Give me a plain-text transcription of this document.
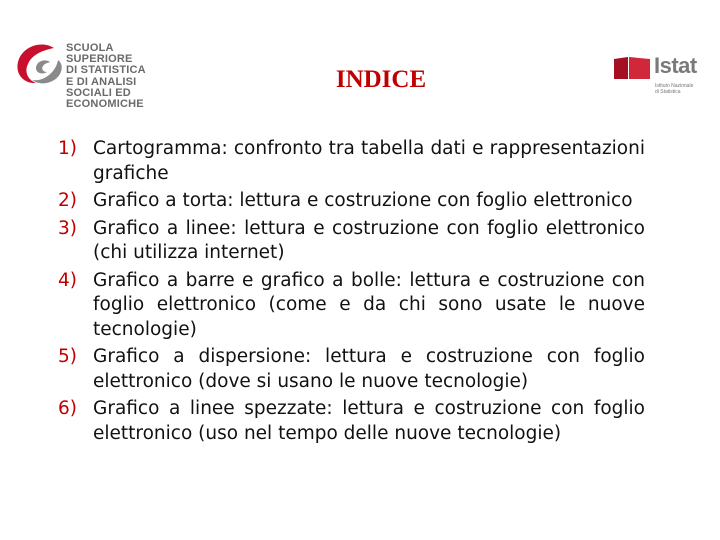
SCUOLA
SUPERIORE
DI STATISTICA
E DI ANALISI
SOCIALI ED
ECONOMICHE
Istat
Istituto Nazionale
di Statistica
INDICE
1) Cartogramma: confronto tra tabella dati e rappresentazioni grafiche
2) Grafico a torta: lettura e costruzione con foglio elettronico
3) Grafico a linee: lettura e costruzione con foglio elettronico (chi utilizza internet)
4) Grafico a barre e grafico a bolle: lettura e costruzione con foglio elettronico (come e da chi sono usate le nuove tecnologie)
5) Grafico a dispersione: lettura e costruzione con foglio elettronico (dove si usano le nuove tecnologie)
6) Grafico a linee spezzate: lettura e costruzione con foglio elettronico (uso nel tempo delle nuove tecnologie)
